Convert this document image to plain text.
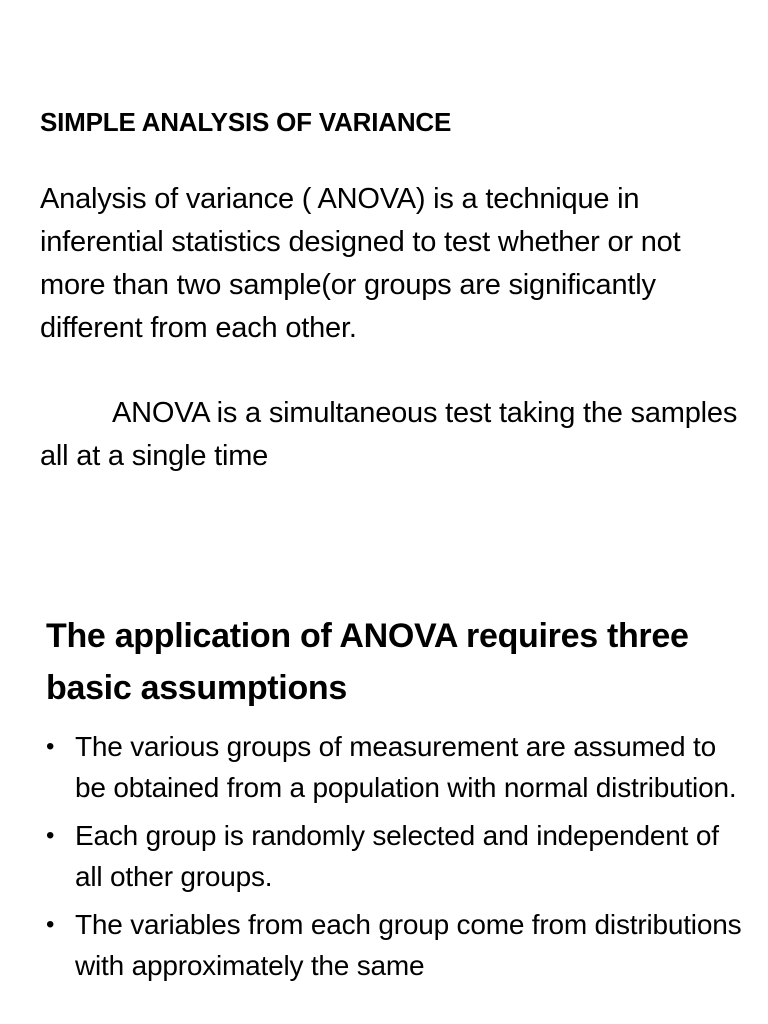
SIMPLE ANALYSIS OF VARIANCE

Analysis of variance ( ANOVA) is a technique in inferential statistics designed to test whether or not more than two sample(or groups are significantly different from each other.

ANOVA is a simultaneous test taking the samples all at a single time

The application of ANOVA requires three basic assumptions
• The various groups of measurement are assumed to be obtained from a population with normal distribution.
• Each group is randomly selected and independent of all other groups.
• The variables from each group come from distributions with approximately the same
